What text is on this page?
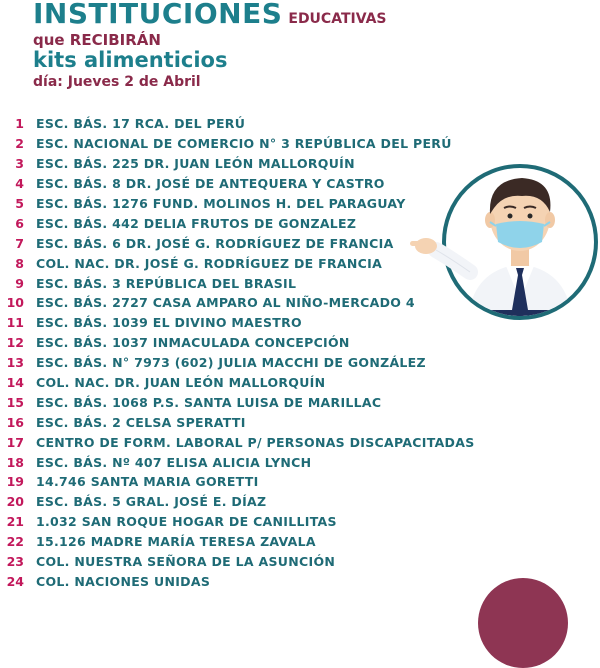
INSTITUCIONES EDUCATIVAS
que RECIBIRÁN
kits alimenticios
día: Jueves 2 de Abril
1 ESC. BÁS. 17 RCA. DEL PERÚ
2 ESC. NACIONAL DE COMERCIO N° 3 REPÚBLICA DEL PERÚ
3 ESC. BÁS. 225 DR. JUAN LEÓN MALLORQUÍN
4 ESC. BÁS. 8 DR. JOSÉ DE ANTEQUERA Y CASTRO
5 ESC. BÁS. 1276 FUND. MOLINOS H. DEL PARAGUAY
6 ESC. BÁS. 442 DELIA FRUTOS DE GONZALEZ
7 ESC. BÁS. 6 DR. JOSÉ G. RODRÍGUEZ DE FRANCIA
8 COL. NAC. DR. JOSÉ G. RODRÍGUEZ DE FRANCIA
9 ESC. BÁS. 3 REPÚBLICA DEL BRASIL
10 ESC. BÁS. 2727 CASA AMPARO AL NIÑO-MERCADO 4
11 ESC. BÁS. 1039 EL DIVINO MAESTRO
12 ESC. BÁS. 1037 INMACULADA CONCEPCIÓN
13 ESC. BÁS. N° 7973 (602) JULIA MACCHI DE GONZÁLEZ
14 COL. NAC. DR. JUAN LEÓN MALLORQUÍN
15 ESC. BÁS. 1068 P.S. SANTA LUISA DE MARILLAC
16 ESC. BÁS. 2 CELSA SPERATTI
17 CENTRO DE FORM. LABORAL P/ PERSONAS DISCAPACITADAS
18 ESC. BÁS. Nº 407 ELISA ALICIA LYNCH
19 14.746 SANTA MARIA GORETTI
20 ESC. BÁS. 5 GRAL. JOSÉ E. DÍAZ
21 1.032 SAN ROQUE HOGAR DE CANILLITAS
22 15.126 MADRE MARÍA TERESA ZAVALA
23 COL. NUESTRA SEÑORA DE LA ASUNCIÓN
24 COL. NACIONES UNIDAS
